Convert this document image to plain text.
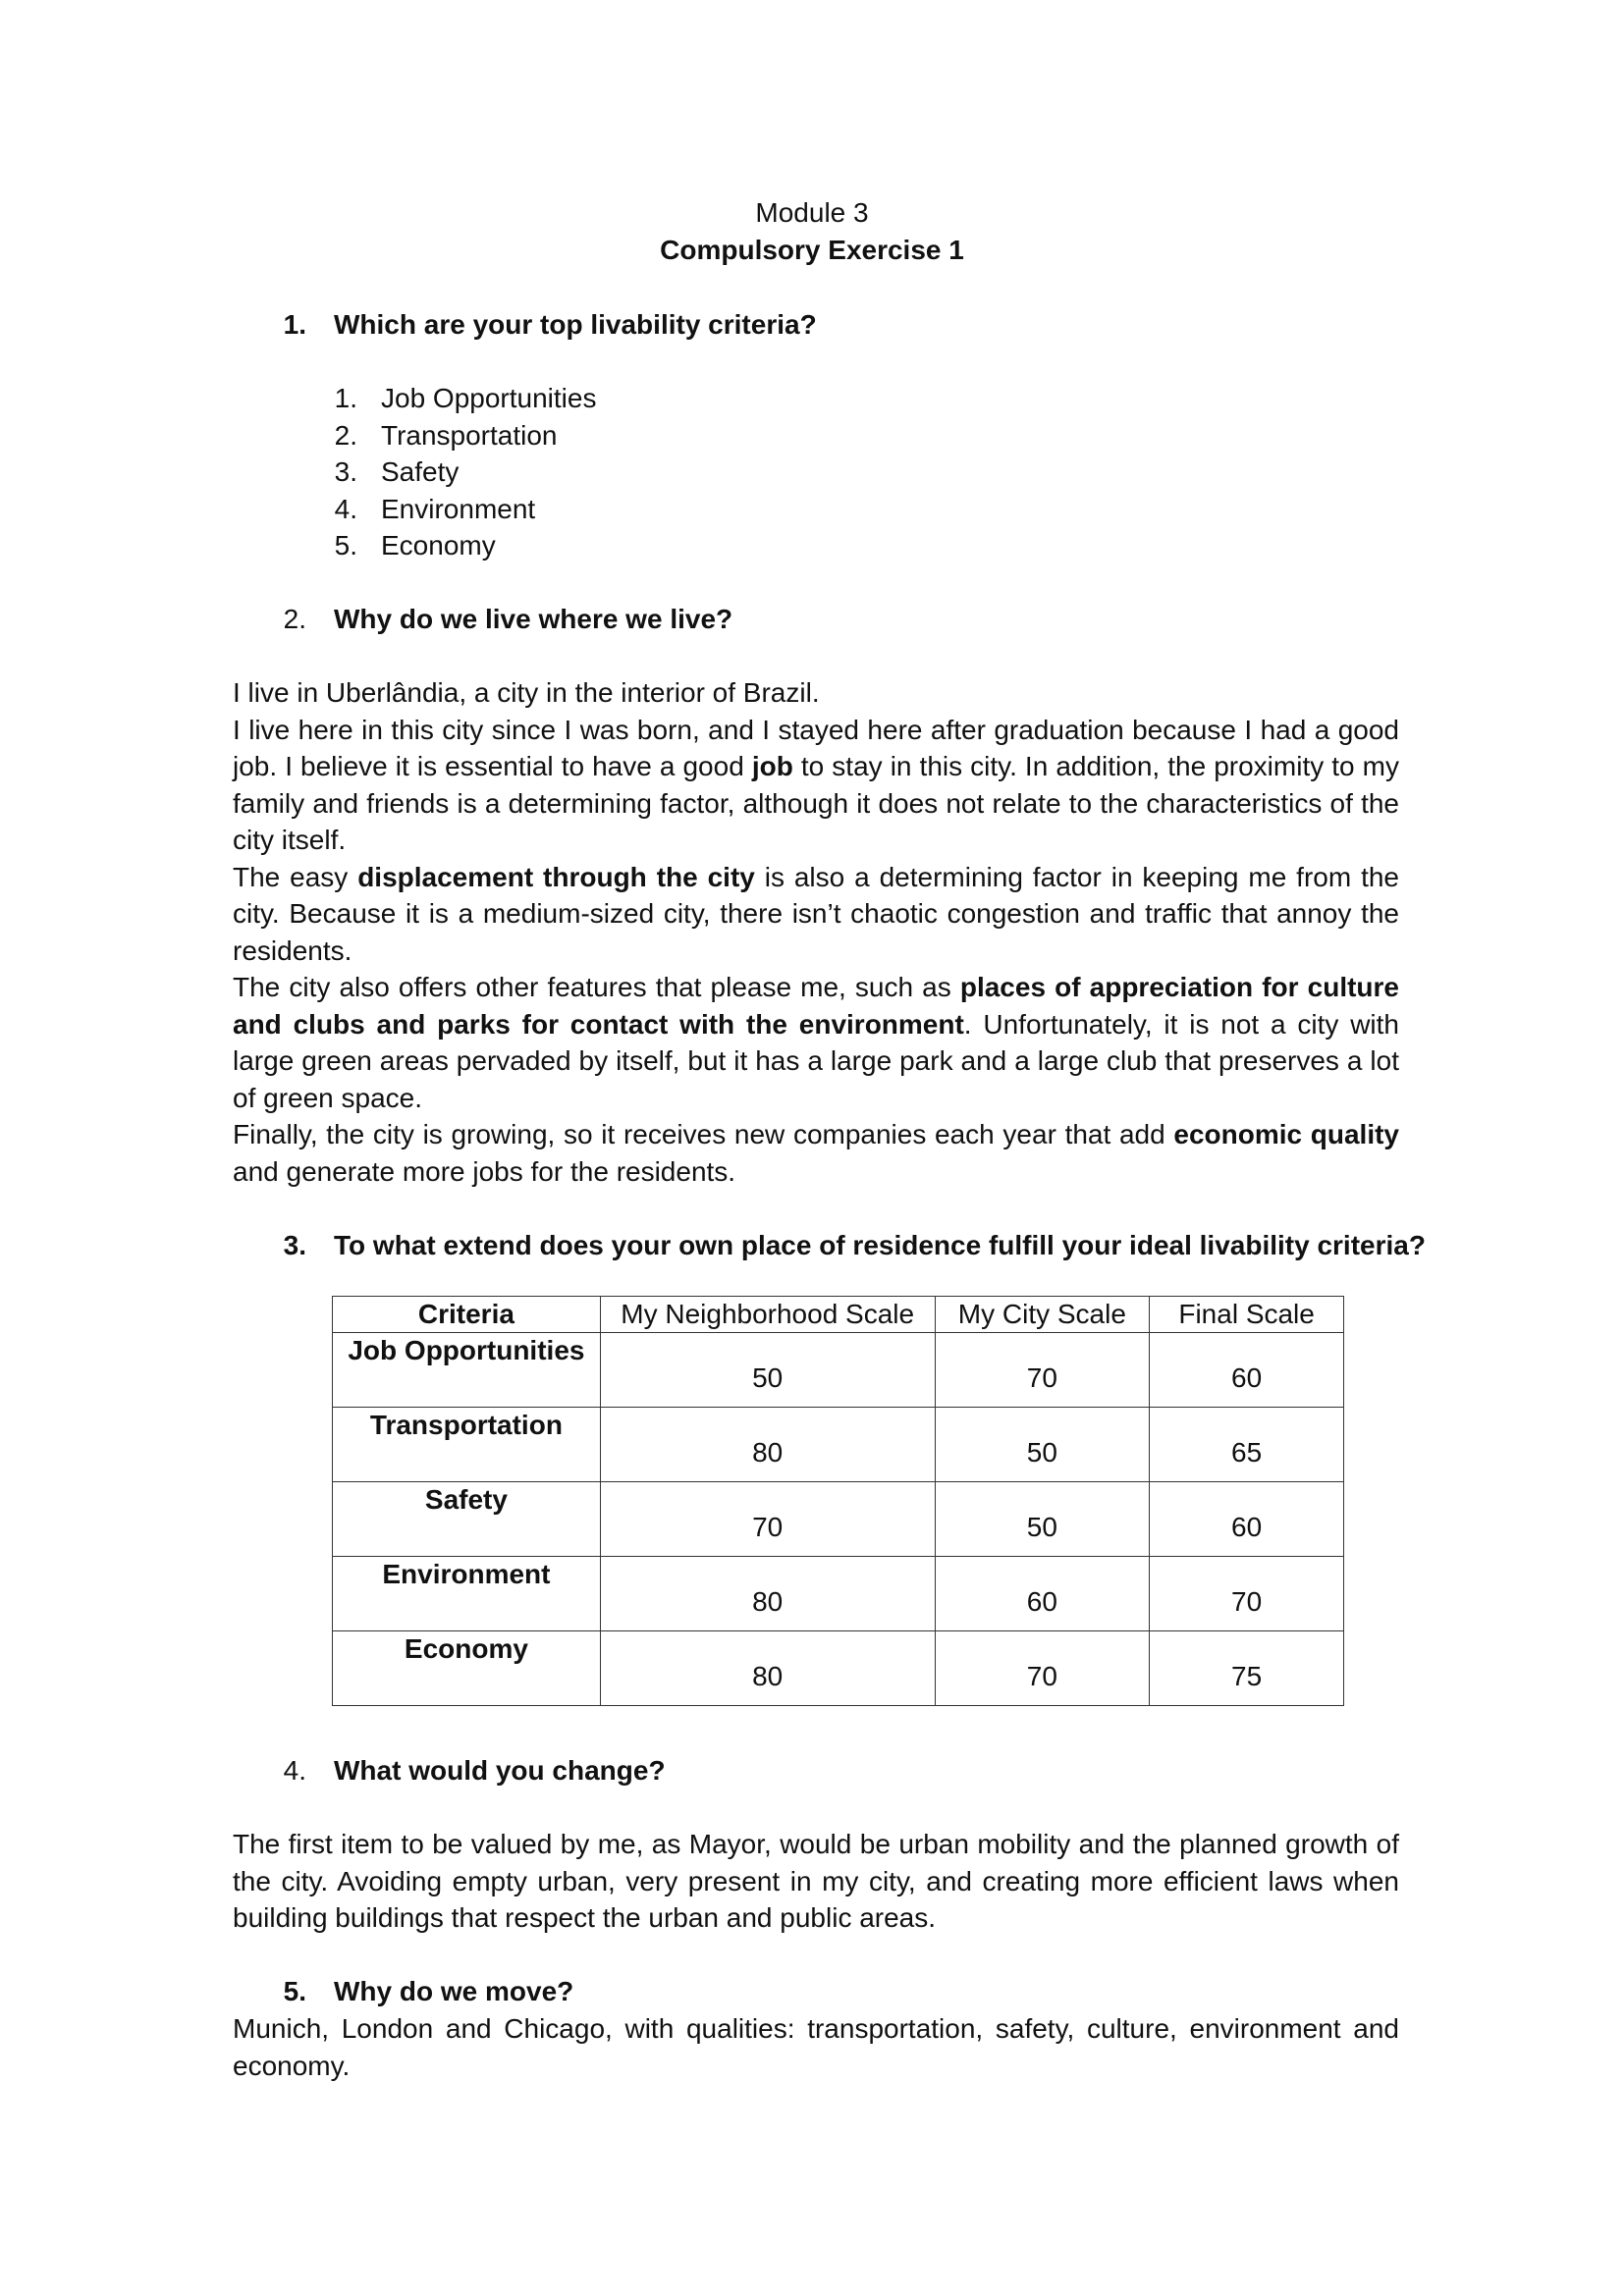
Module 3
Compulsory Exercise 1
1. Which are your top livability criteria?
1. Job Opportunities
2. Transportation
3. Safety
4. Environment
5. Economy
2. Why do we live where we live?

I live in Uberlândia, a city in the interior of Brazil.

I live here in this city since I was born, and I stayed here after graduation because I had a good job. I believe it is essential to have a good job to stay in this city. In addition, the proximity to my family and friends is a determining factor, although it does not relate to the characteristics of the city itself.

The easy displacement through the city is also a determining factor in keeping me from the city. Because it is a medium-sized city, there isn’t chaotic congestion and traffic that annoy the residents.

The city also offers other features that please me, such as places of appreciation for culture and clubs and parks for contact with the environment. Unfortunately, it is not a city with large green areas pervaded by itself, but it has a large park and a large club that preserves a lot of green space.

Finally, the city is growing, so it receives new companies each year that add economic quality and generate more jobs for the residents.

3. To what extend does your own place of residence fulfill your ideal livability criteria?
Criteria	My Neighborhood Scale	My City Scale	Final Scale
Job Opportunities	50	70	60
Transportation	80	50	65
Safety	70	50	60
Environment	80	60	70
Economy	80	70	75
4. What would you change?

The first item to be valued by me, as Mayor, would be urban mobility and the planned growth of the city. Avoiding empty urban, very present in my city, and creating more efficient laws when building buildings that respect the urban and public areas.

5. Why do we move?

Munich, London and Chicago, with qualities: transportation, safety, culture, environment and economy.
